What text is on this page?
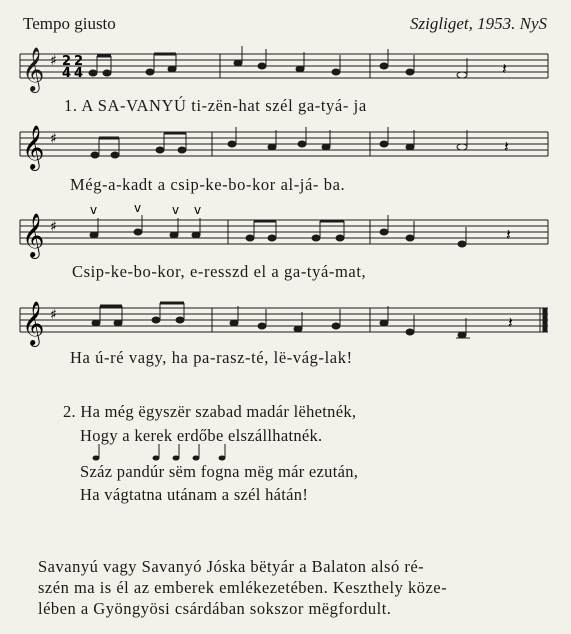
Tempo giusto	Szigliget, 1953. NyS
𝄞 ♯ 2
4
2
4	𝄽
1. A SA-VANYÚ ti-zën-hat szél ga-tyá- ja
𝄞 ♯	𝄽
Még-a-kadt a csip-ke-bo-kor al-já- ba.
v	v	v v
𝄞 ♯	𝄽
Csip-ke-bo-kor, e-resszd el a ga-tyá-mat,
𝄞 ♯	𝄽
Ha ú-ré vagy, ha pa-rasz-té, lë-vág-lak!
2. Ha még ëgyszër szabad madár lëhetnék,
Hogy a kerek erdőbe elszállhatnék.
Száz pandúr sëm fogna mëg már ezután,
Ha vágtatna utánam a szél hátán!
Savanyú vagy Savanyó Jóska bëtyár a Balaton alsó ré-
szén ma is él az emberek emlékezetében. Keszthely köze-
lében a Gyöngyösi csárdában sokszor mëgfordult.
